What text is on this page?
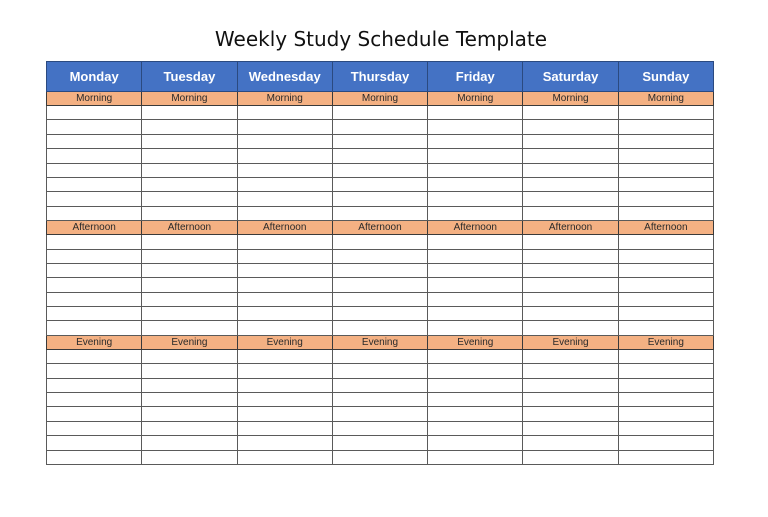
Weekly Study Schedule Template
Monday	Tuesday	Wednesday	Thursday	Friday	Saturday	Sunday
Morning	Morning	Morning	Morning	Morning	Morning	Morning

Afternoon	Afternoon	Afternoon	Afternoon	Afternoon	Afternoon	Afternoon

Evening	Evening	Evening	Evening	Evening	Evening	Evening
